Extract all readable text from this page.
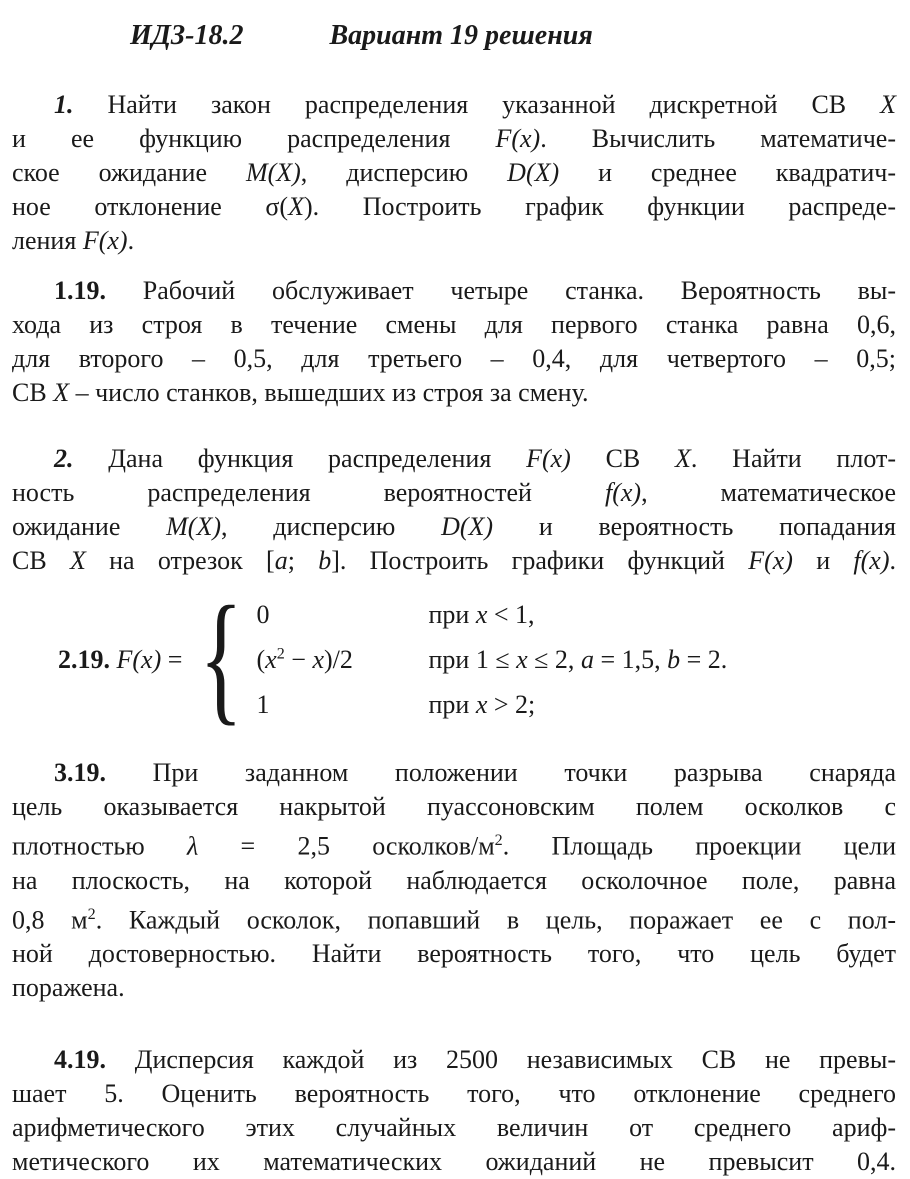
ИДЗ-18.2	Вариант 19 решения
1. Найти закон распределения указанной дискретной СВ X
и ее функцию распределения F(x). Вычислить математиче-
ское ожидание M(X), дисперсию D(X) и среднее квадратич-
ное отклонение σ(X). Построить график функции распреде-
ления F(x).
1.19. Рабочий обслуживает четыре станка. Вероятность вы-
хода из строя в течение смены для первого станка равна 0,6,
для второго – 0,5, для третьего – 0,4, для четвертого – 0,5;
СВ X – число станков, вышедших из строя за смену.
2. Дана функция распределения F(x) СВ X. Найти плот-
ность распределения вероятностей f(x), математическое
ожидание M(X), дисперсию D(X) и вероятность попадания
СВ X на отрезок [a; b]. Построить графики функций F(x) и f(x).
2.19. F(x) = { 0	при x < 1,
$(x^2 - x)/2$	при 1 ≤ x ≤ 2, a = 1,5, b = 2.
1	при x > 2;
3.19. При заданном положении точки разрыва снаряда
цель оказывается накрытой пуассоновским полем осколков с
плотностью λ = 2,5 осколков/$м^2$. Площадь проекции цели
на плоскость, на которой наблюдается осколочное поле, равна
0,8 $м^2$. Каждый осколок, попавший в цель, поражает ее с пол-
ной достоверностью. Найти вероятность того, что цель будет
поражена.
4.19. Дисперсия каждой из 2500 независимых СВ не превы-
шает 5. Оценить вероятность того, что отклонение среднего
арифметического этих случайных величин от среднего ариф-
метического их математических ожиданий не превысит 0,4.
